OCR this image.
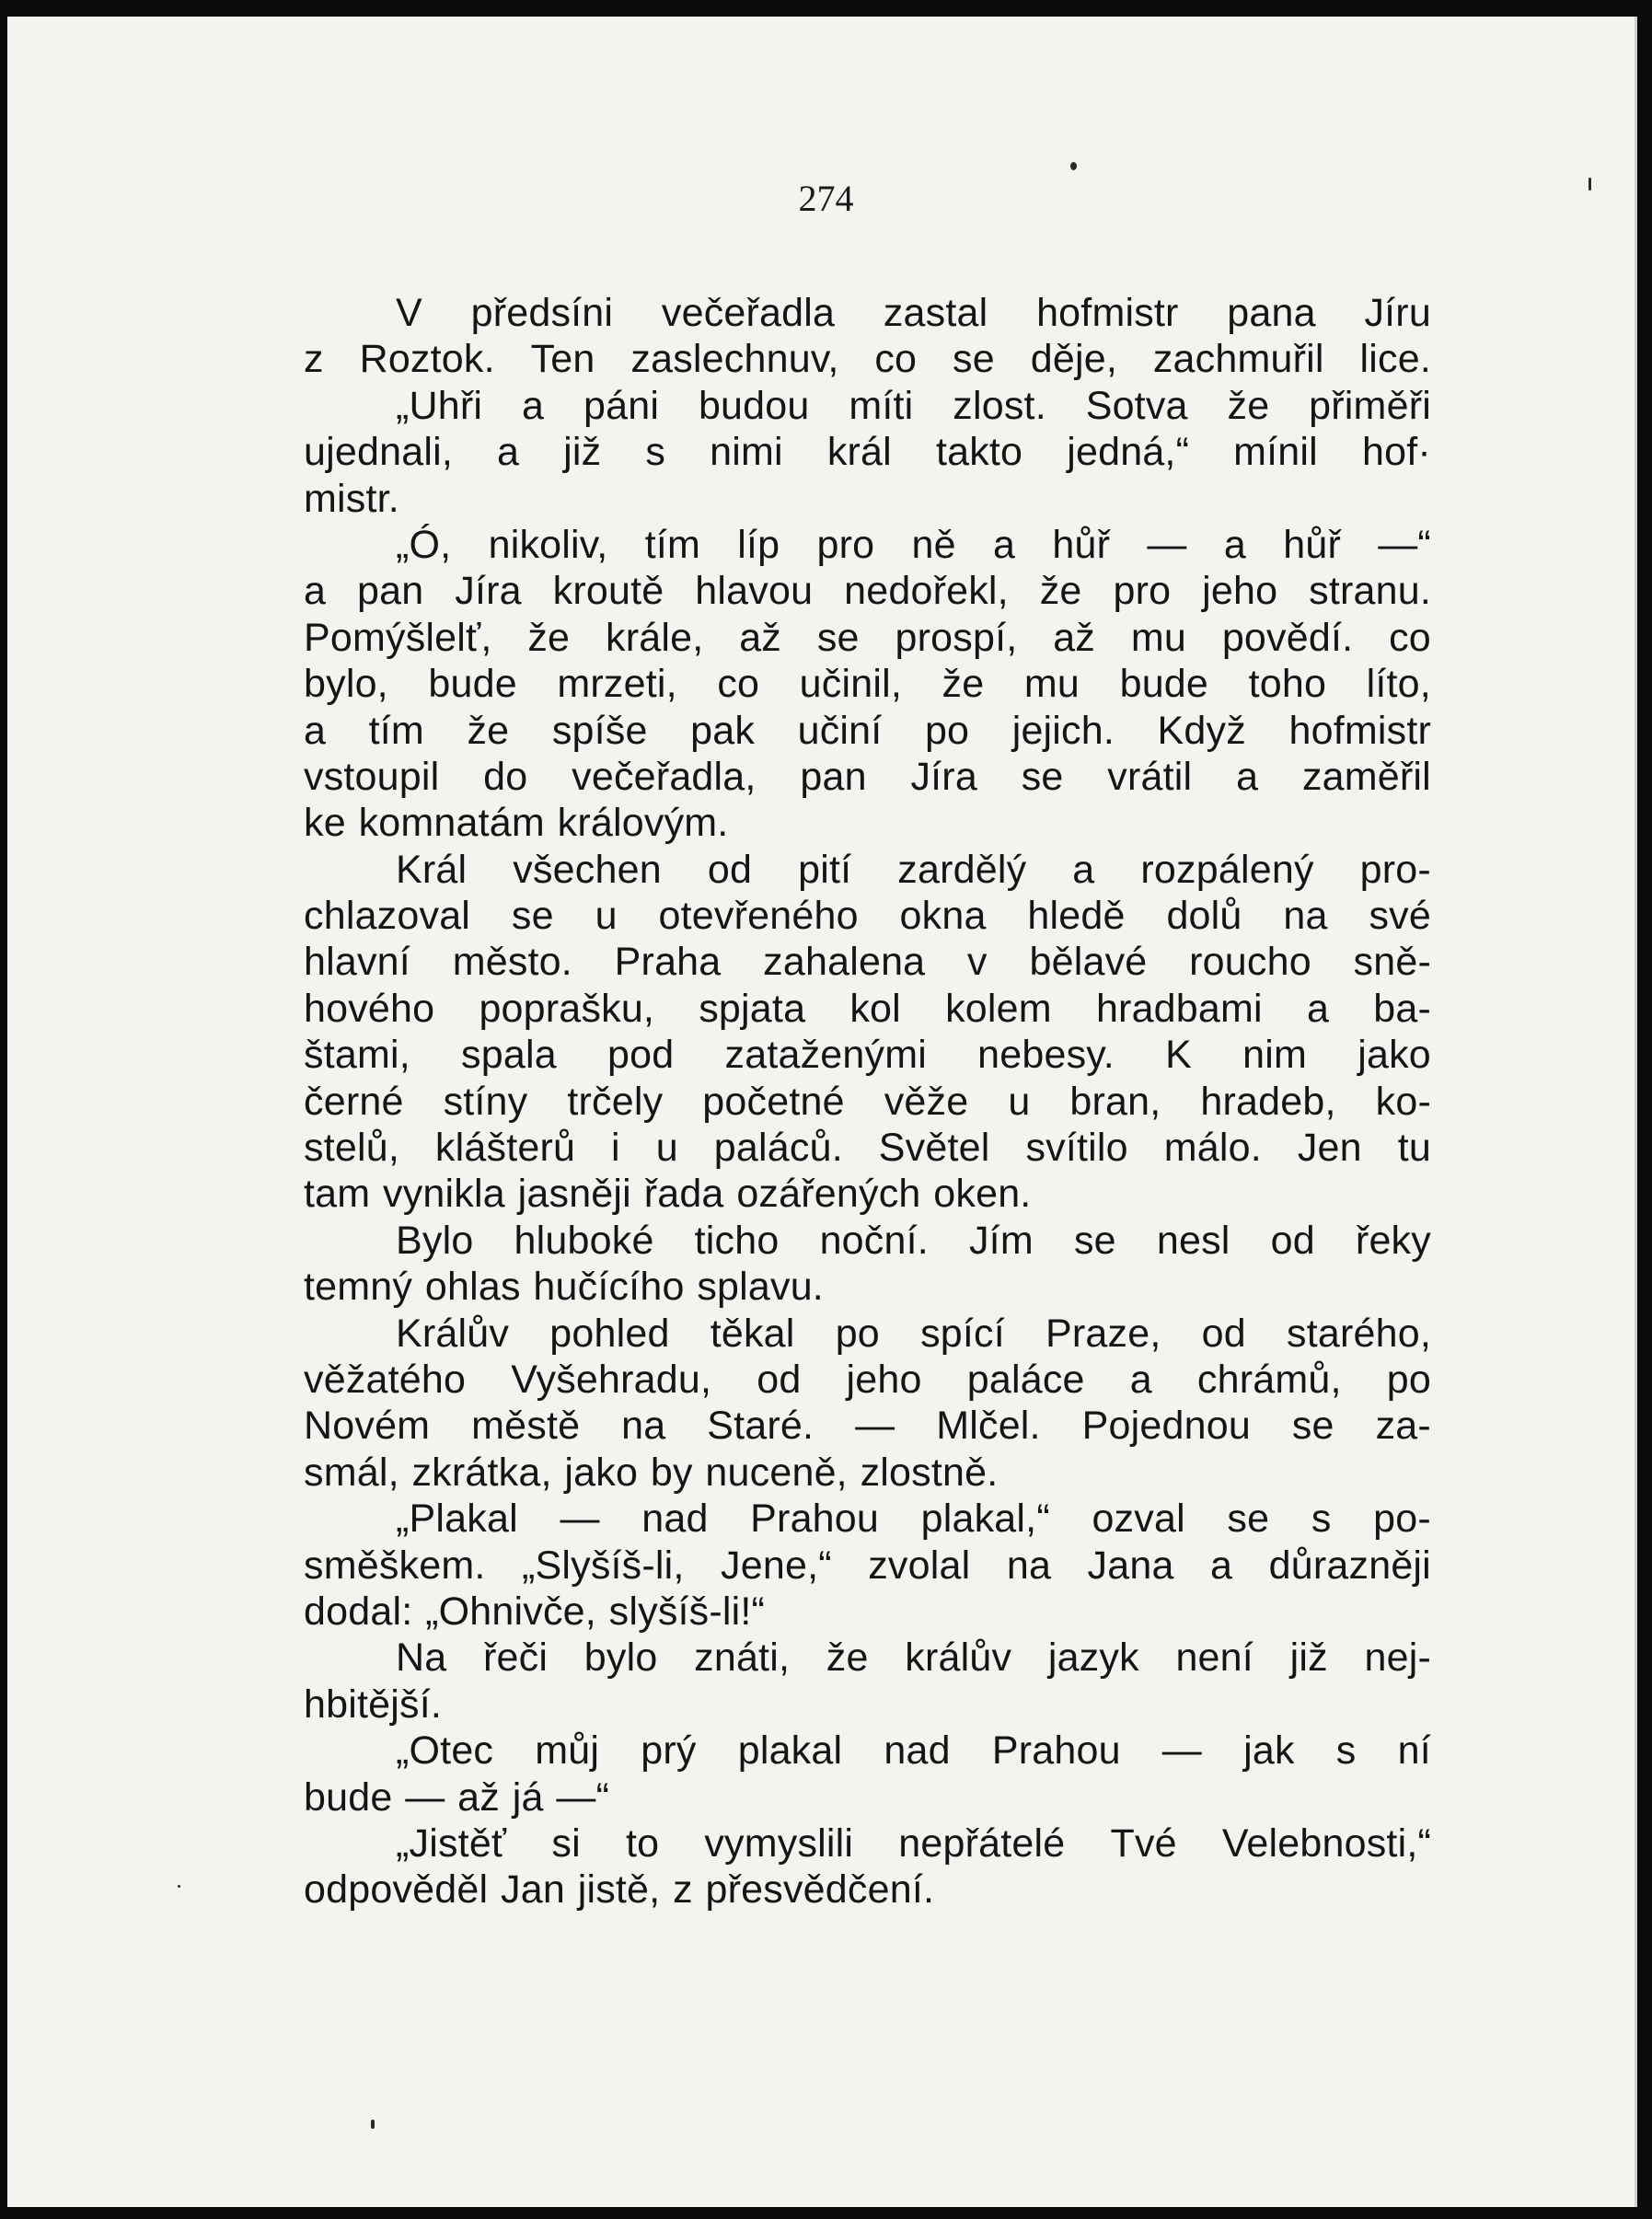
274
V předsíni večeřadla zastal hofmistr pana Jíru
z Roztok. Ten zaslechnuv, co se děje, zachmuřil lice.
„Uhři a páni budou míti zlost. Sotva že přiměři
ujednali, a již s nimi král takto jedná,“ mínil hof·
mistr.
„Ó, nikoliv, tím líp pro ně a hůř — a hůř —“
a pan Jíra kroutě hlavou nedořekl, že pro jeho stranu.
Pomýšlelť, že krále, až se prospí, až mu povědí. co
bylo, bude mrzeti, co učinil, že mu bude toho líto,
a tím že spíše pak učiní po jejich. Když hofmistr
vstoupil do večeřadla, pan Jíra se vrátil a zaměřil
ke komnatám královým.
Král všechen od pití zardělý a rozpálený pro-
chlazoval se u otevřeného okna hledě dolů na své
hlavní město. Praha zahalena v bělavé roucho sně-
hového poprašku, spjata kol kolem hradbami a ba-
štami, spala pod zataženými nebesy. K nim jako
černé stíny trčely početné věže u bran, hradeb, ko-
stelů, klášterů i u paláců. Světel svítilo málo. Jen tu
tam vynikla jasněji řada ozářených oken.
Bylo hluboké ticho noční. Jím se nesl od řeky
temný ohlas hučícího splavu.
Králův pohled těkal po spící Praze, od starého,
věžatého Vyšehradu, od jeho paláce a chrámů, po
Novém městě na Staré. — Mlčel. Pojednou se za-
smál, zkrátka, jako by nuceně, zlostně.
„Plakal — nad Prahou plakal,“ ozval se s po-
směškem. „Slyšíš-li, Jene,“ zvolal na Jana a důrazněji
dodal: „Ohnivče, slyšíš-li!“
Na řeči bylo znáti, že králův jazyk není již nej-
hbitější.
„Otec můj prý plakal nad Prahou — jak s ní
bude — až já —“
„Jistěť si to vymyslili nepřátelé Tvé Velebnosti,“
odpověděl Jan jistě, z přesvědčení.
